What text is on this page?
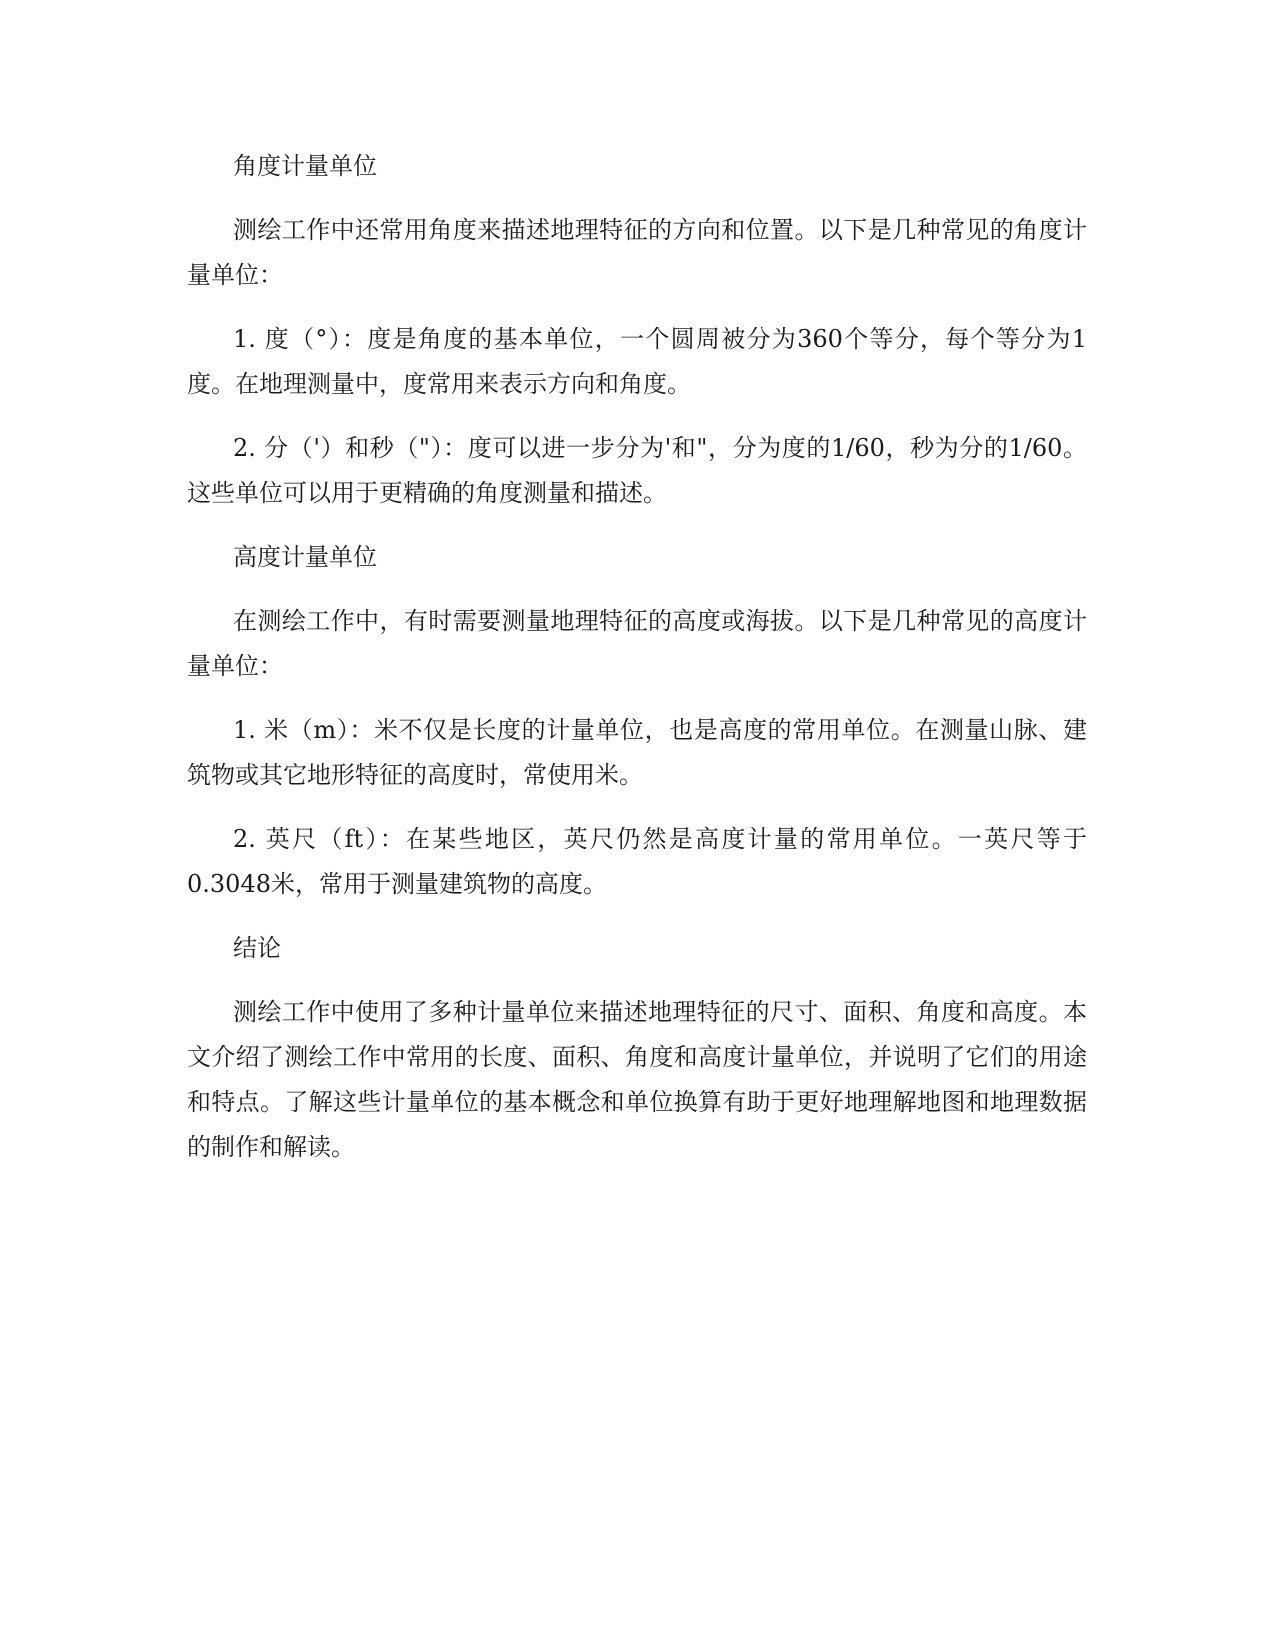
角度计量单位

测绘工作中还常用角度来描述地理特征的方向和位置。以下是几种常见的角度计量单位：

1. 度（°）：度是角度的基本单位，一个圆周被分为360个等分，每个等分为1度。在地理测量中，度常用来表示方向和角度。

2. 分（'）和秒（"）：度可以进一步分为'和"，分为度的1/60，秒为分的1/60。这些单位可以用于更精确的角度测量和描述。

高度计量单位

在测绘工作中，有时需要测量地理特征的高度或海拔。以下是几种常见的高度计量单位：

1. 米（m）：米不仅是长度的计量单位，也是高度的常用单位。在测量山脉、建筑物或其它地形特征的高度时，常使用米。

2. 英尺（ft）：在某些地区，英尺仍然是高度计量的常用单位。一英尺等于0.3048米，常用于测量建筑物的高度。

结论

测绘工作中使用了多种计量单位来描述地理特征的尺寸、面积、角度和高度。本文介绍了测绘工作中常用的长度、面积、角度和高度计量单位，并说明了它们的用途和特点。了解这些计量单位的基本概念和单位换算有助于更好地理解地图和地理数据的制作和解读。
